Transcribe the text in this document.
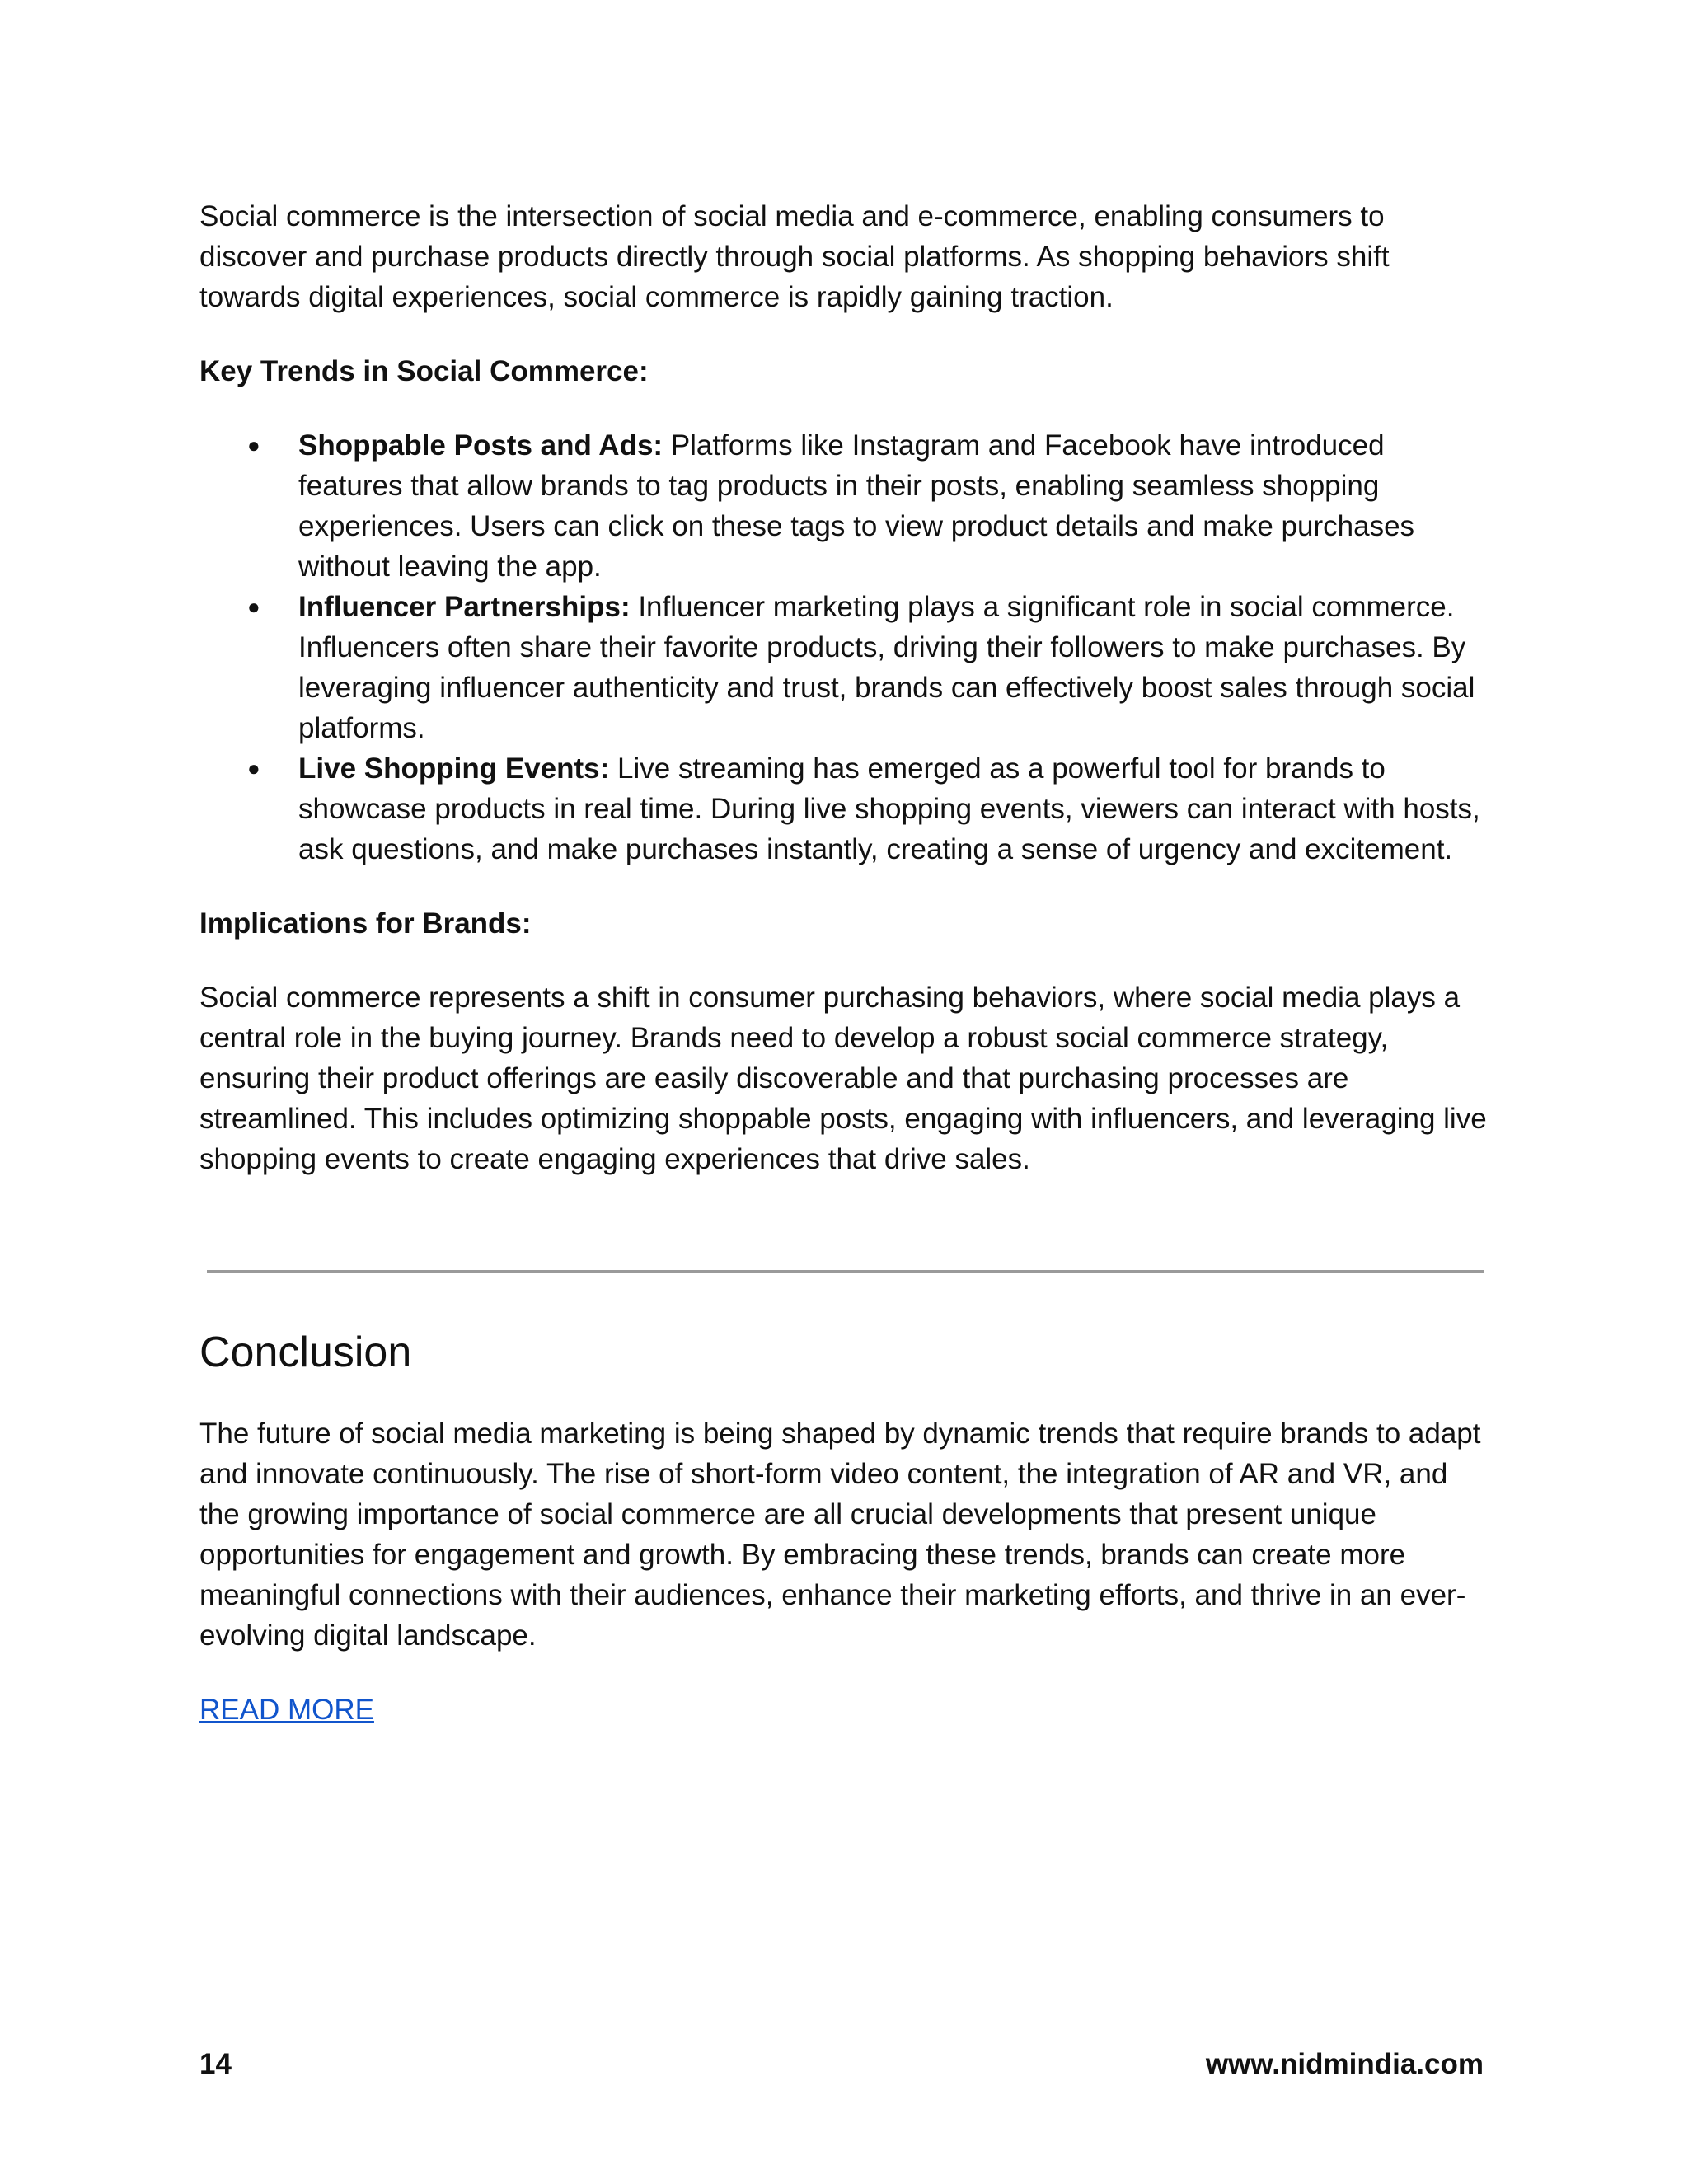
Social commerce is the intersection of social media and e-commerce, enabling consumers to discover and purchase products directly through social platforms. As shopping behaviors shift towards digital experiences, social commerce is rapidly gaining traction.

Key Trends in Social Commerce:

● Shoppable Posts and Ads: Platforms like Instagram and Facebook have introduced features that allow brands to tag products in their posts, enabling seamless shopping experiences. Users can click on these tags to view product details and make purchases without leaving the app.
● Influencer Partnerships: Influencer marketing plays a significant role in social commerce. Influencers often share their favorite products, driving their followers to make purchases. By leveraging influencer authenticity and trust, brands can effectively boost sales through social platforms.
● Live Shopping Events: Live streaming has emerged as a powerful tool for brands to showcase products in real time. During live shopping events, viewers can interact with hosts, ask questions, and make purchases instantly, creating a sense of urgency and excitement.

Implications for Brands:

Social commerce represents a shift in consumer purchasing behaviors, where social media plays a central role in the buying journey. Brands need to develop a robust social commerce strategy, ensuring their product offerings are easily discoverable and that purchasing processes are streamlined. This includes optimizing shoppable posts, engaging with influencers, and leveraging live shopping events to create engaging experiences that drive sales.

Conclusion

The future of social media marketing is being shaped by dynamic trends that require brands to adapt and innovate continuously. The rise of short-form video content, the integration of AR and VR, and the growing importance of social commerce are all crucial developments that present unique opportunities for engagement and growth. By embracing these trends, brands can create more meaningful connections with their audiences, enhance their marketing efforts, and thrive in an ever-evolving digital landscape.

READ MORE
14	www.nidmindia.com
